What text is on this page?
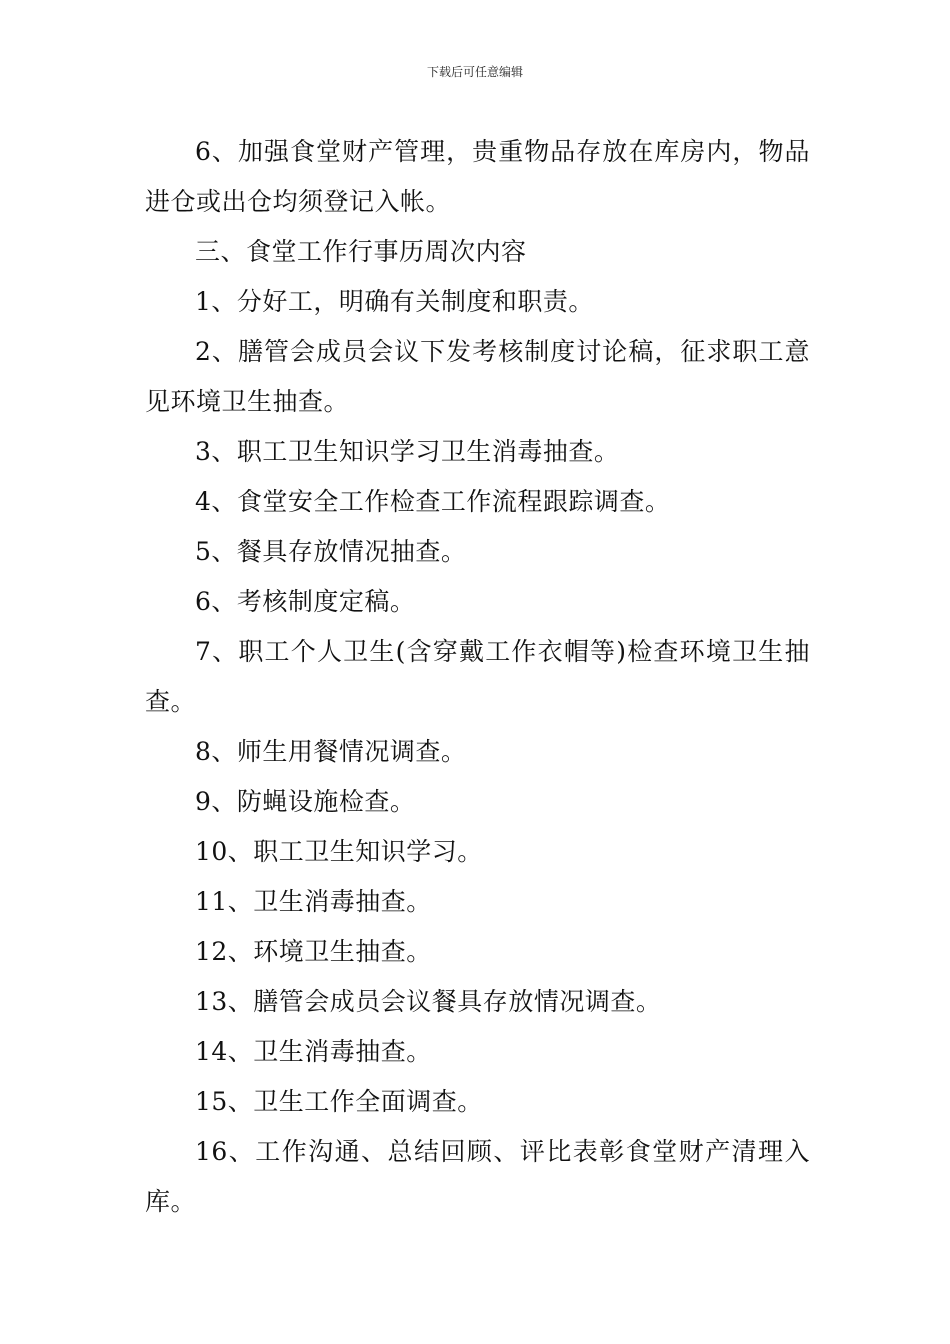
下载后可任意编辑

6、加强食堂财产管理，贵重物品存放在库房内，物品进仓或出仓均须登记入帐。

三、食堂工作行事历周次内容

1、分好工，明确有关制度和职责。

2、膳管会成员会议下发考核制度讨论稿，征求职工意见环境卫生抽查。

3、职工卫生知识学习卫生消毒抽查。

4、食堂安全工作检查工作流程跟踪调查。

5、餐具存放情况抽查。

6、考核制度定稿。

7、职工个人卫生(含穿戴工作衣帽等)检查环境卫生抽查。

8、师生用餐情况调查。

9、防蝇设施检查。

10、职工卫生知识学习。

11、卫生消毒抽查。

12、环境卫生抽查。

13、膳管会成员会议餐具存放情况调查。

14、卫生消毒抽查。

15、卫生工作全面调查。

16、工作沟通、总结回顾、评比表彰食堂财产清理入库。
